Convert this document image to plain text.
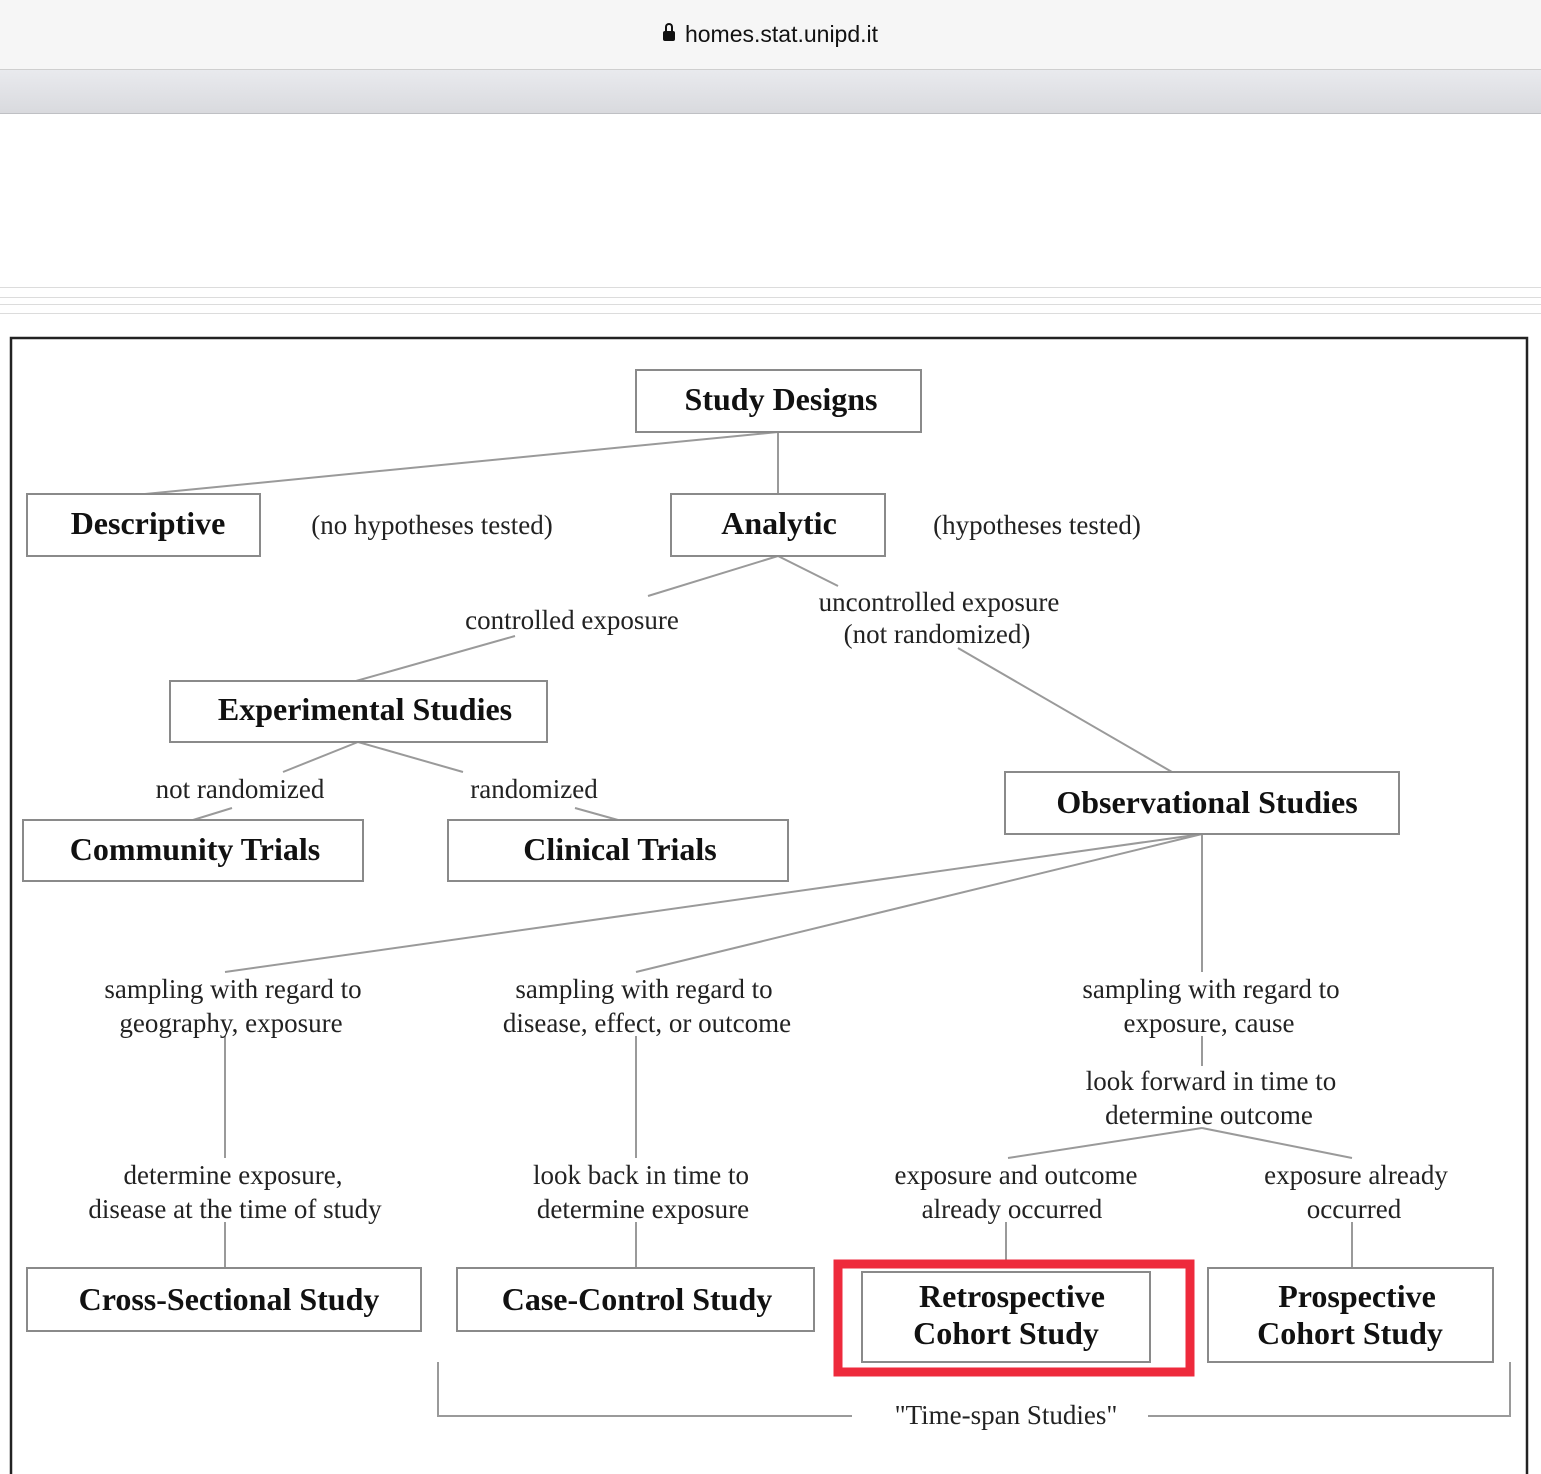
homes.stat.unipd.it
Study Designs
Descriptive	(no hypotheses tested)	Analytic	(hypotheses tested)
controlled exposure
uncontrolled exposure
(not randomized)
Experimental Studies
not randomized	randomized
Community Trials	Clinical Trials
Observational Studies
sampling with regard to
geography, exposure
sampling with regard to
disease, effect, or outcome
sampling with regard to
exposure, cause
look forward in time to
determine outcome
determine exposure,
disease at the time of study
look back in time to
determine exposure
exposure and outcome
already occurred
exposure already
occurred
Cross-Sectional Study	Case-Control Study	Retrospective
Cohort Study
Prospective
Cohort Study
"Time-span Studies"
